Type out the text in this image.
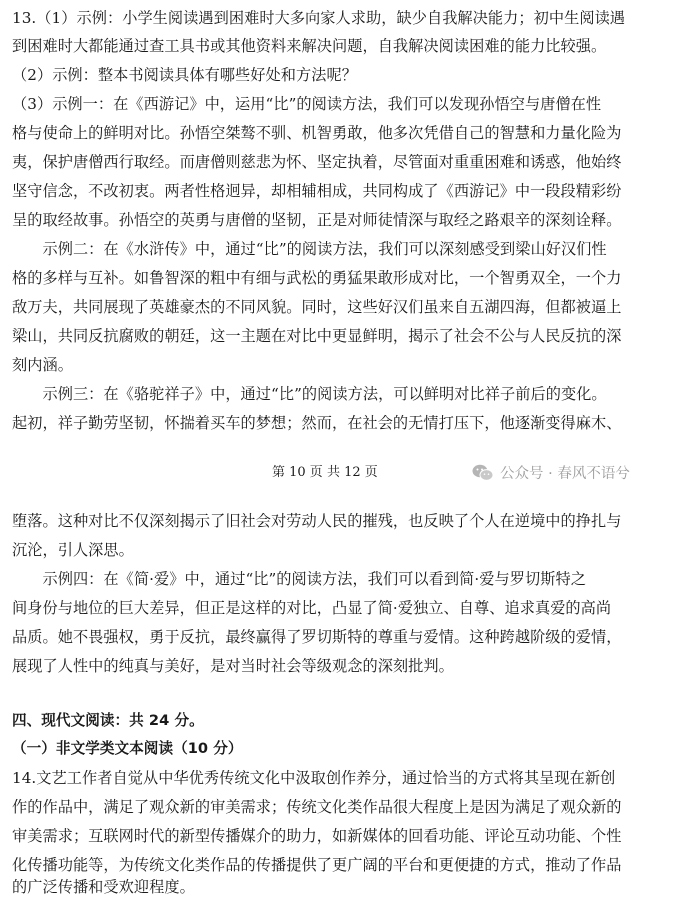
13.（1）示例：小学生阅读遇到困难时大多向家人求助，缺少自我解决能力；初中生阅读遇
到困难时大都能通过查工具书或其他资料来解决问题，自我解决阅读困难的能力比较强。
（2）示例：整本书阅读具体有哪些好处和方法呢？
（3）示例一：在《西游记》中，运用“比”的阅读方法，我们可以发现孙悟空与唐僧在性
格与使命上的鲜明对比。孙悟空桀骜不驯、机智勇敢，他多次凭借自己的智慧和力量化险为
夷，保护唐僧西行取经。而唐僧则慈悲为怀、坚定执着，尽管面对重重困难和诱惑，他始终
坚守信念，不改初衷。两者性格迥异，却相辅相成，共同构成了《西游记》中一段段精彩纷
呈的取经故事。孙悟空的英勇与唐僧的坚韧，正是对师徒情深与取经之路艰辛的深刻诠释。
　　示例二：在《水浒传》中，通过“比”的阅读方法，我们可以深刻感受到梁山好汉们性
格的多样与互补。如鲁智深的粗中有细与武松的勇猛果敢形成对比，一个智勇双全，一个力
敌万夫，共同展现了英雄豪杰的不同风貌。同时，这些好汉们虽来自五湖四海，但都被逼上
梁山，共同反抗腐败的朝廷，这一主题在对比中更显鲜明，揭示了社会不公与人民反抗的深
刻内涵。
　　示例三：在《骆驼祥子》中，通过“比”的阅读方法，可以鲜明对比祥子前后的变化。
起初，祥子勤劳坚韧，怀揣着买车的梦想；然而，在社会的无情打压下，他逐渐变得麻木、
第 10 页 共 12 页	公众号 · 春风不语兮
堕落。这种对比不仅深刻揭示了旧社会对劳动人民的摧残，也反映了个人在逆境中的挣扎与
沉沦，引人深思。
　　示例四：在《简·爱》中，通过“比”的阅读方法，我们可以看到简·爱与罗切斯特之
间身份与地位的巨大差异，但正是这样的对比，凸显了简·爱独立、自尊、追求真爱的高尚
品质。她不畏强权，勇于反抗，最终赢得了罗切斯特的尊重与爱情。这种跨越阶级的爱情，
展现了人性中的纯真与美好，是对当时社会等级观念的深刻批判。
四、现代文阅读：共 24 分。
（一）非文学类文本阅读（10 分）
14.文艺工作者自觉从中华优秀传统文化中汲取创作养分，通过恰当的方式将其呈现在新创
作的作品中，满足了观众新的审美需求；传统文化类作品很大程度上是因为满足了观众新的
审美需求；互联网时代的新型传播媒介的助力，如新媒体的回看功能、评论互动功能、个性
化传播功能等，为传统文化类作品的传播提供了更广阔的平台和更便捷的方式，推动了作品
的广泛传播和受欢迎程度。
